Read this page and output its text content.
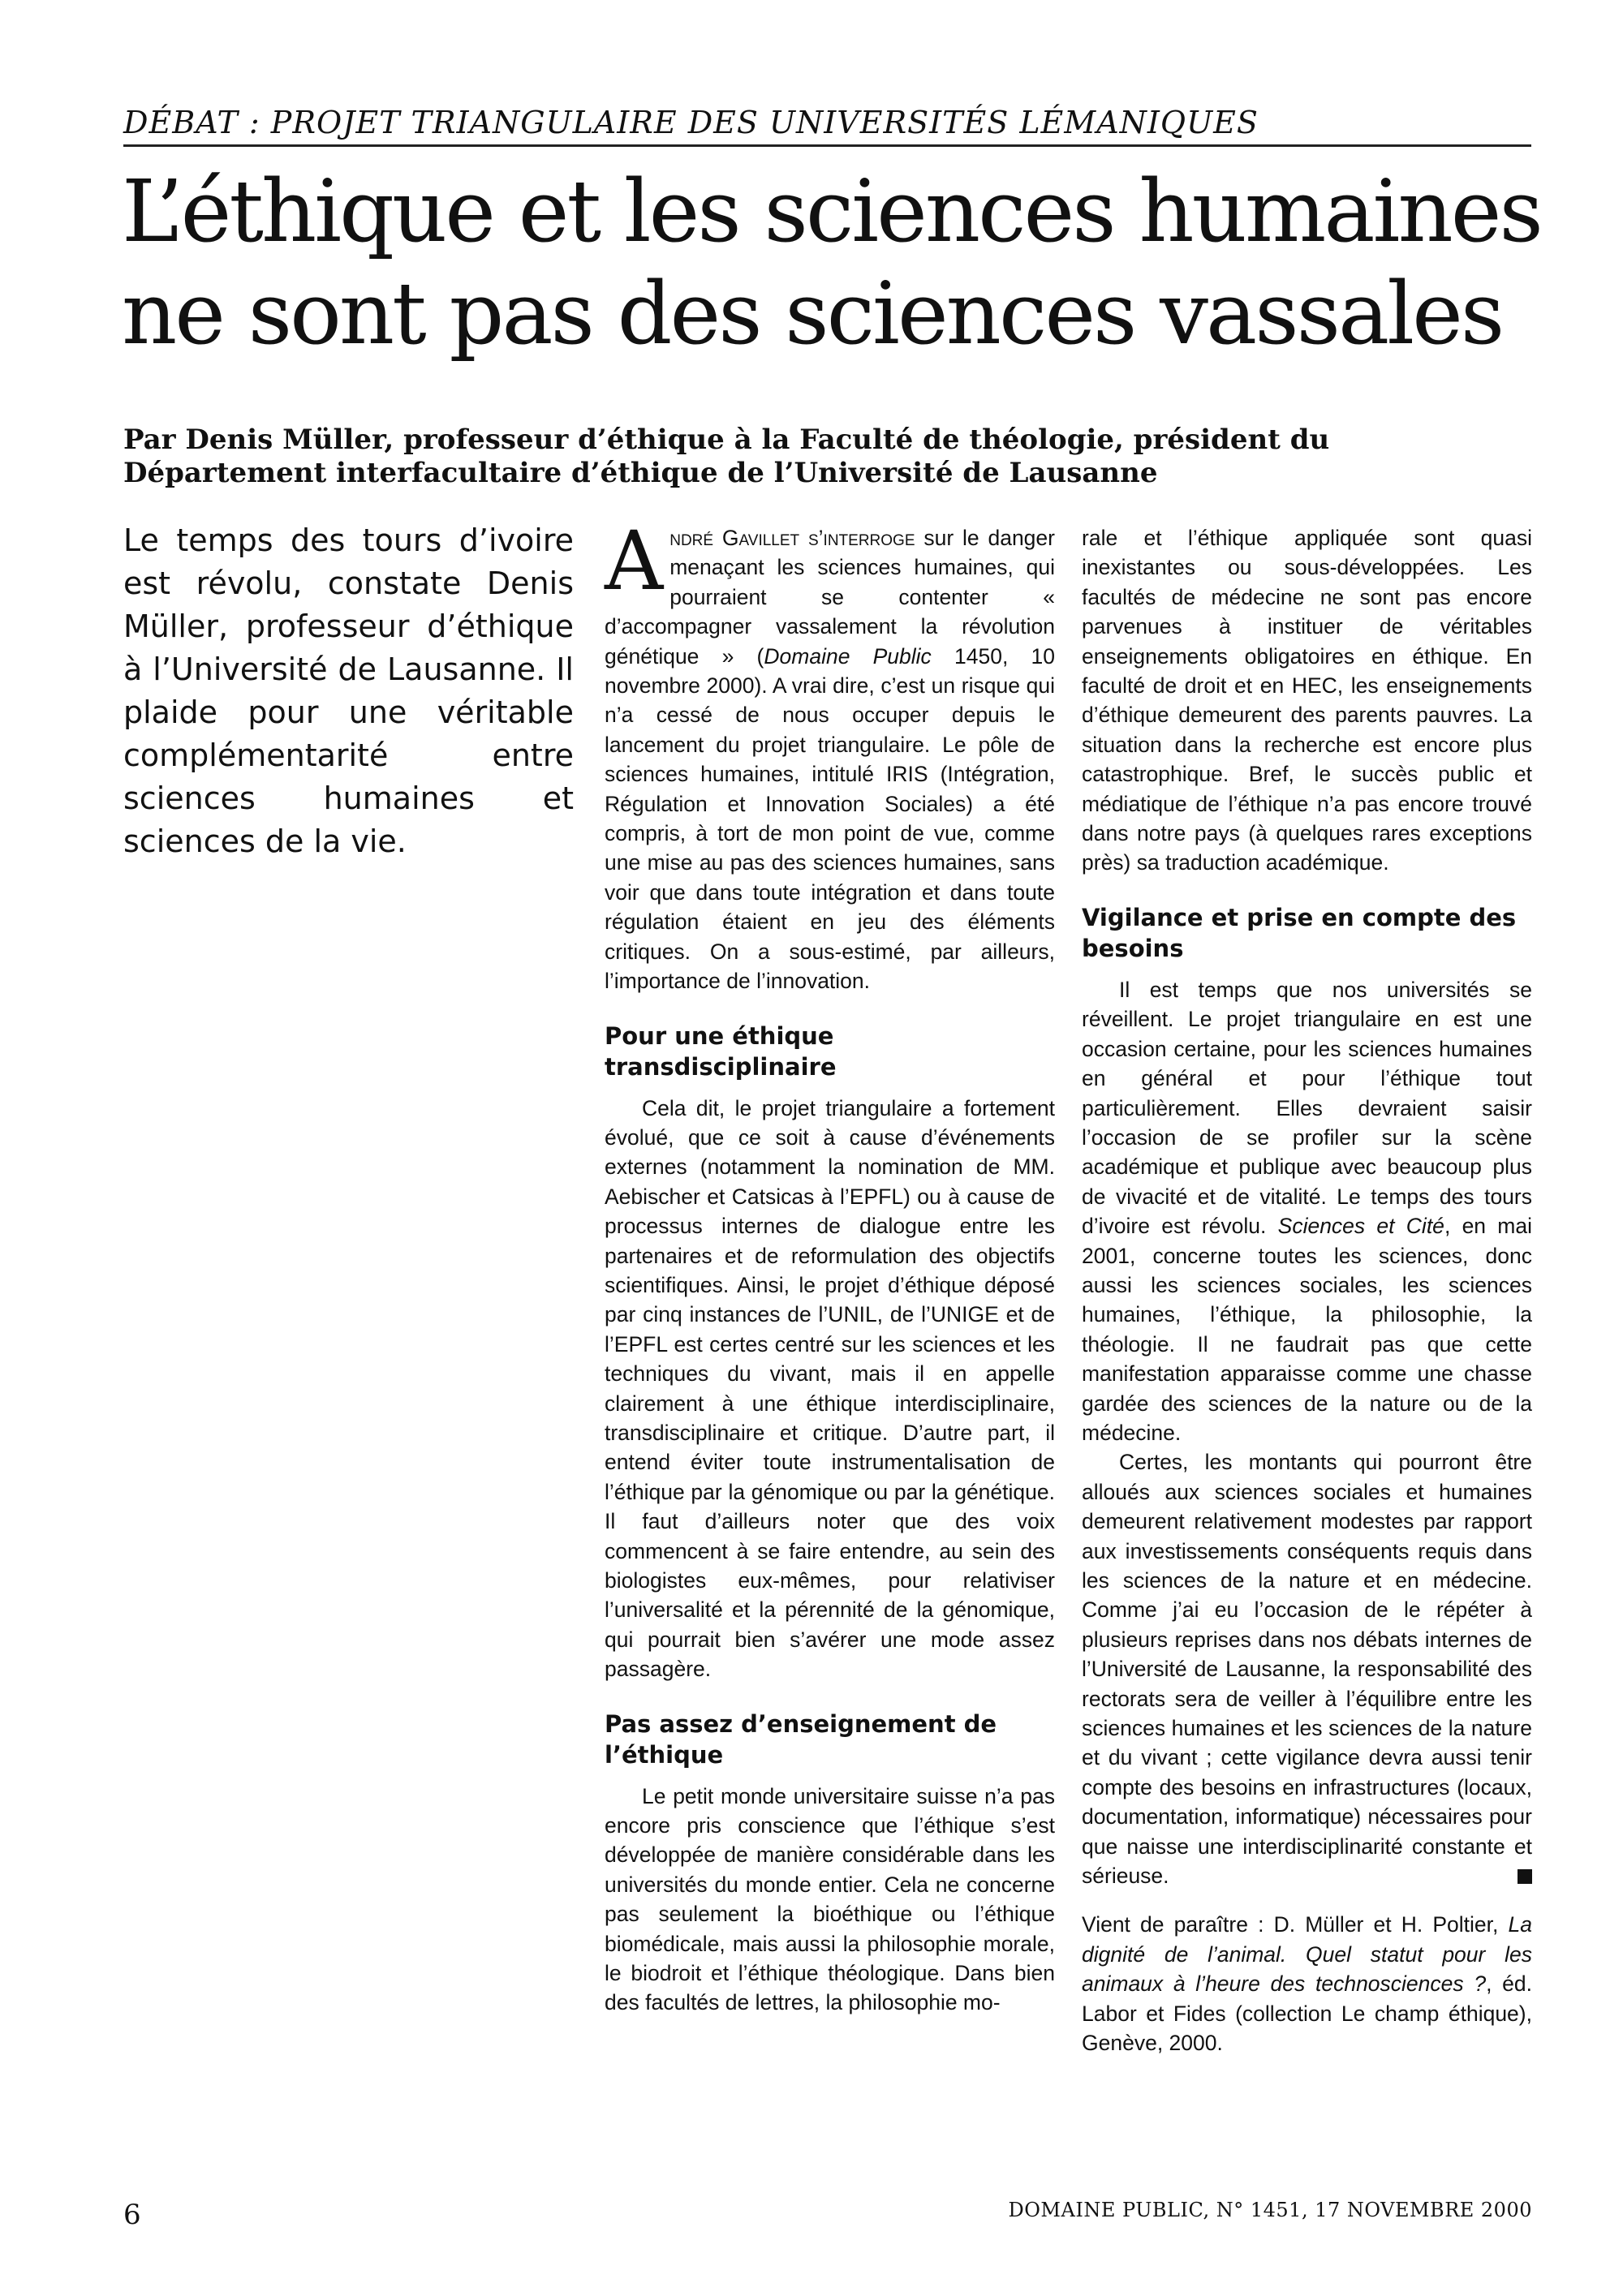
DÉBAT : PROJET TRIANGULAIRE DES UNIVERSITÉS LÉMANIQUES
L’éthique et les sciences humaines
ne sont pas des sciences vassales

Par Denis Müller, professeur d’éthique à la Faculté de théologie, président du Département interfacultaire d’éthique de l’Université de Lausanne

Le temps des tours d’ivoire est révolu, constate Denis Müller, professeur d’éthique à l’Université de Lausanne. Il plaide pour une véritable complémentarité entre sciences humaines et sciences de la vie.

André Gavillet s’interroge sur le danger menaçant les sciences humaines, qui pourraient se contenter « d’accompagner vassalement la révolution génétique » (Domaine Public 1450, 10 novembre 2000). A vrai dire, c’est un risque qui n’a cessé de nous occuper depuis le lancement du projet triangulaire. Le pôle de sciences humaines, intitulé IRIS (Intégration, Régulation et Innovation Sociales) a été compris, à tort de mon point de vue, comme une mise au pas des sciences humaines, sans voir que dans toute intégration et dans toute régulation étaient en jeu des éléments critiques. On a sous-estimé, par ailleurs, l’importance de l’innovation.

Pour une éthique transdisciplinaire

Cela dit, le projet triangulaire a fortement évolué, que ce soit à cause d’événements externes (notamment la nomination de MM. Aebischer et Catsicas à l’EPFL) ou à cause de processus internes de dialogue entre les partenaires et de reformulation des objectifs scientifiques. Ainsi, le projet d’éthique déposé par cinq instances de l’UNIL, de l’UNIGE et de l’EPFL est certes centré sur les sciences et les techniques du vivant, mais il en appelle clairement à une éthique interdisciplinaire, transdisciplinaire et critique. D’autre part, il entend éviter toute instrumentalisation de l’éthique par la génomique ou par la génétique. Il faut d’ailleurs noter que des voix commencent à se faire entendre, au sein des biologistes eux-mêmes, pour relativiser l’universalité et la pérennité de la génomique, qui pourrait bien s’avérer une mode assez passagère.

Pas assez d’enseignement de l’éthique

Le petit monde universitaire suisse n’a pas encore pris conscience que l’éthique s’est développée de manière considérable dans les universités du monde entier. Cela ne concerne pas seulement la bioéthique ou l’éthique biomédicale, mais aussi la philosophie morale, le biodroit et l’éthique théologique. Dans bien des facultés de lettres, la philosophie mo-

rale et l’éthique appliquée sont quasi inexistantes ou sous-développées. Les facultés de médecine ne sont pas encore parvenues à instituer de véritables enseignements obligatoires en éthique. En faculté de droit et en HEC, les enseignements d’éthique demeurent des parents pauvres. La situation dans la recherche est encore plus catastrophique. Bref, le succès public et médiatique de l’éthique n’a pas encore trouvé dans notre pays (à quelques rares exceptions près) sa traduction académique.

Vigilance et prise en compte des besoins

Il est temps que nos universités se réveillent. Le projet triangulaire en est une occasion certaine, pour les sciences humaines en général et pour l’éthique tout particulièrement. Elles devraient saisir l’occasion de se profiler sur la scène académique et publique avec beaucoup plus de vivacité et de vitalité. Le temps des tours d’ivoire est révolu. Sciences et Cité, en mai 2001, concerne toutes les sciences, donc aussi les sciences sociales, les sciences humaines, l’éthique, la philosophie, la théologie. Il ne faudrait pas que cette manifestation apparaisse comme une chasse gardée des sciences de la nature ou de la médecine.

Certes, les montants qui pourront être alloués aux sciences sociales et humaines demeurent relativement modestes par rapport aux investissements conséquents requis dans les sciences de la nature et en médecine. Comme j’ai eu l’occasion de le répéter à plusieurs reprises dans nos débats internes de l’Université de Lausanne, la responsabilité des rectorats sera de veiller à l’équilibre entre les sciences humaines et les sciences de la nature et du vivant ; cette vigilance devra aussi tenir compte des besoins en infrastructures (locaux, documentation, informatique) nécessaires pour que naisse une interdisciplinarité constante et sérieuse.

Vient de paraître : D. Müller et H. Poltier, La dignité de l’animal. Quel statut pour les animaux à l’heure des technosciences ?, éd. Labor et Fides (collection Le champ éthique), Genève, 2000.

6	DOMAINE PUBLIC, N° 1451, 17 NOVEMBRE 2000
